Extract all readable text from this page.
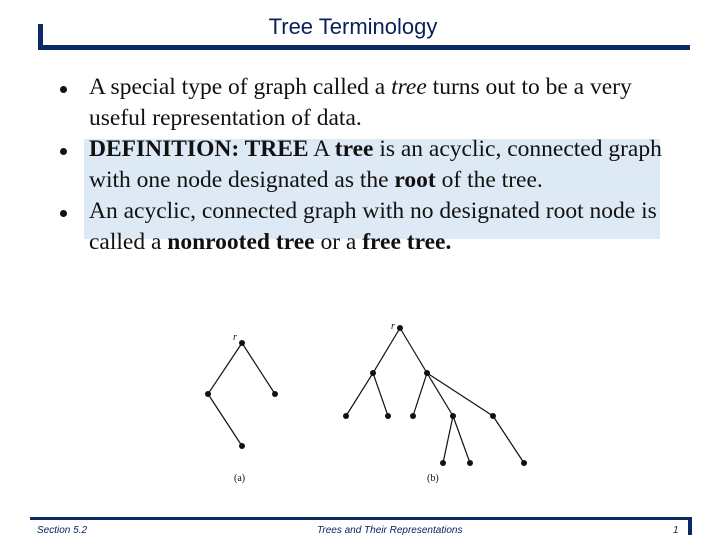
Tree Terminology
A special type of graph called a tree turns out to be a very useful representation of data.
DEFINITION: TREE A tree is an acyclic, connected graph with one node designated as the root of the tree.
An acyclic, connected graph with no designated root node is called a nonrooted tree or a free tree.
r
(a)
r
(b)
Section 5.2	Trees and Their Representations	1
